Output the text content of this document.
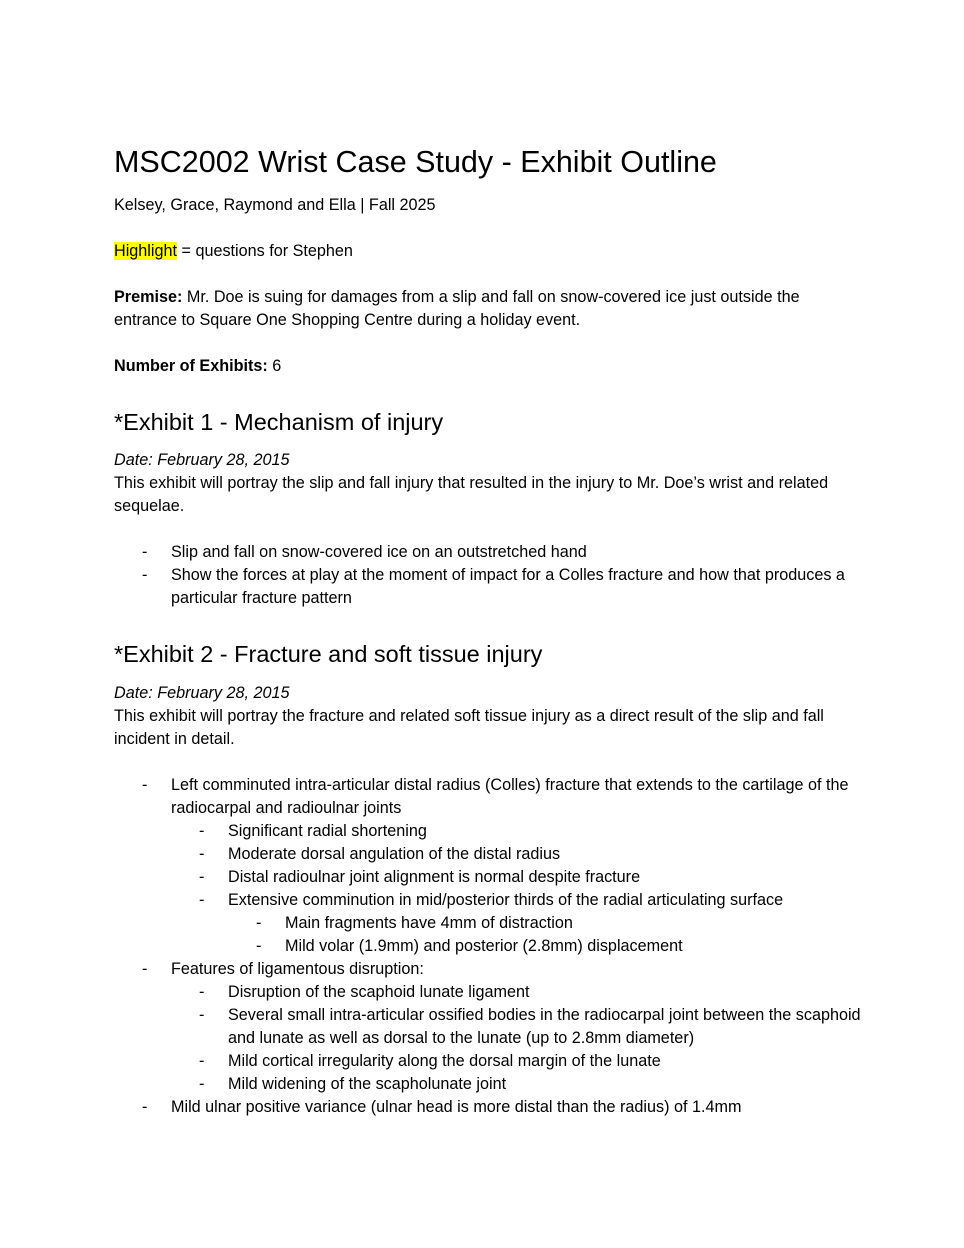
MSC2002 Wrist Case Study - Exhibit Outline

Kelsey, Grace, Raymond and Ella | Fall 2025

Highlight = questions for Stephen

Premise: Mr. Doe is suing for damages from a slip and fall on snow-covered ice just outside the entrance to Square One Shopping Centre during a holiday event.

Number of Exhibits: 6

*Exhibit 1 - Mechanism of injury

Date: February 28, 2015

This exhibit will portray the slip and fall injury that resulted in the injury to Mr. Doe’s wrist and related sequelae.

- Slip and fall on snow-covered ice on an outstretched hand
- Show the forces at play at the moment of impact for a Colles fracture and how that produces a particular fracture pattern
*Exhibit 2 - Fracture and soft tissue injury

Date: February 28, 2015

This exhibit will portray the fracture and related soft tissue injury as a direct result of the slip and fall incident in detail.

- Left comminuted intra-articular distal radius (Colles) fracture that extends to the cartilage of the radiocarpal and radioulnar joints
- Significant radial shortening
- Moderate dorsal angulation of the distal radius
- Distal radioulnar joint alignment is normal despite fracture
- Extensive comminution in mid/posterior thirds of the radial articulating surface
- Main fragments have 4mm of distraction
- Mild volar (1.9mm) and posterior (2.8mm) displacement
- Features of ligamentous disruption:
- Disruption of the scaphoid lunate ligament
- Several small intra-articular ossified bodies in the radiocarpal joint between the scaphoid and lunate as well as dorsal to the lunate (up to 2.8mm diameter)
- Mild cortical irregularity along the dorsal margin of the lunate
- Mild widening of the scapholunate joint
- Mild ulnar positive variance (ulnar head is more distal than the radius) of 1.4mm
